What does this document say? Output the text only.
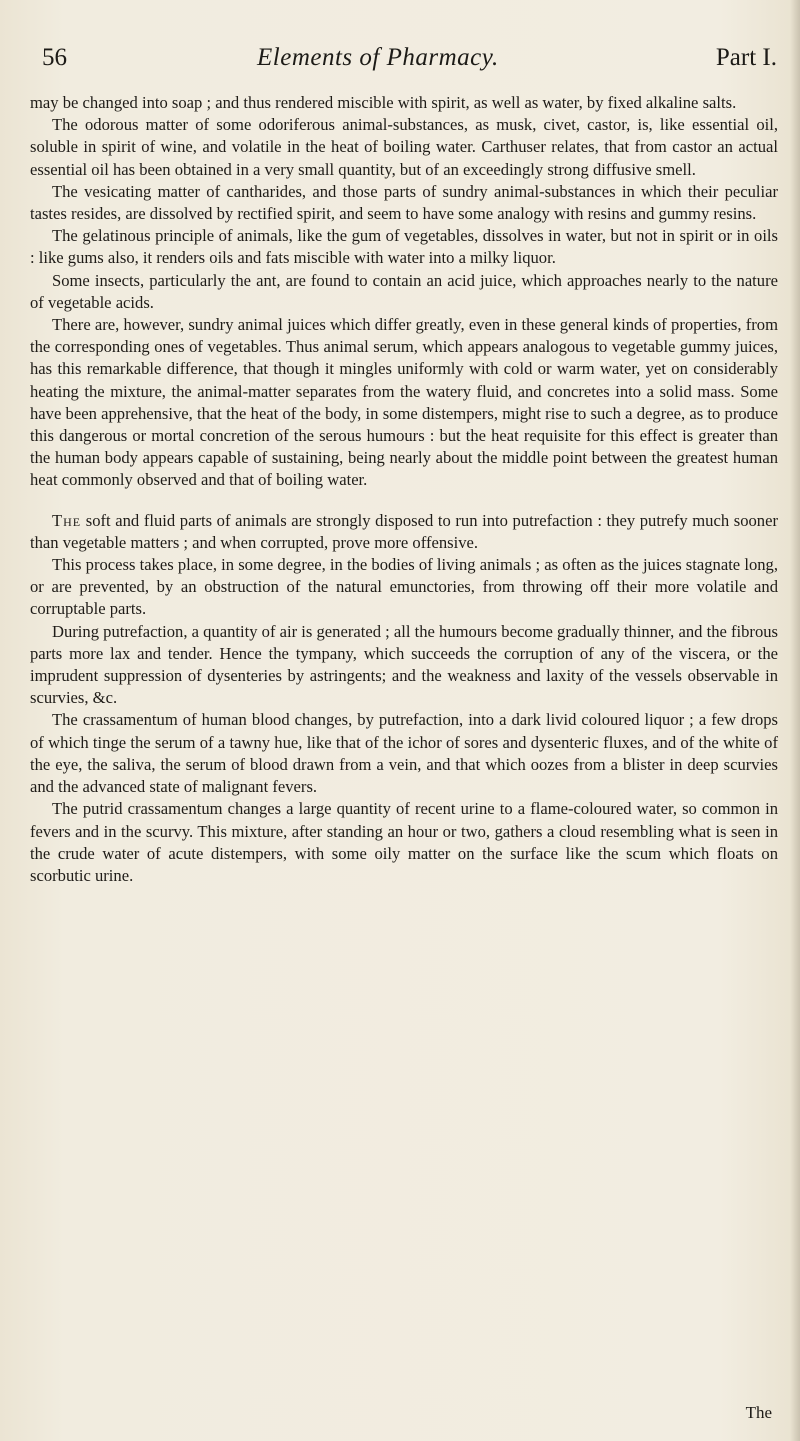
56	Elements of Pharmacy.	Part I.

may be changed into soap ; and thus rendered miscible with spirit, as well as water, by fixed alkaline salts.

The odorous matter of some odoriferous animal-substances, as musk, civet, castor, is, like essential oil, soluble in spirit of wine, and volatile in the heat of boiling water. Carthuser relates, that from castor an actual essential oil has been obtained in a very small quantity, but of an exceedingly strong diffusive smell.

The vesicating matter of cantharides, and those parts of sundry animal-substances in which their peculiar tastes resides, are dissolved by rectified spirit, and seem to have some analogy with resins and gummy resins.

The gelatinous principle of animals, like the gum of vegetables, dissolves in water, but not in spirit or in oils : like gums also, it renders oils and fats miscible with water into a milky liquor.

Some insects, particularly the ant, are found to contain an acid juice, which approaches nearly to the nature of vegetable acids.

There are, however, sundry animal juices which differ greatly, even in these general kinds of properties, from the corresponding ones of vegetables. Thus animal serum, which appears analogous to vegetable gummy juices, has this remarkable difference, that though it mingles uniformly with cold or warm water, yet on considerably heating the mixture, the animal-matter separates from the watery fluid, and concretes into a solid mass. Some have been apprehensive, that the heat of the body, in some distempers, might rise to such a degree, as to produce this dangerous or mortal concretion of the serous humours : but the heat requisite for this effect is greater than the human body appears capable of sustaining, being nearly about the middle point between the greatest human heat commonly observed and that of boiling water.

The soft and fluid parts of animals are strongly disposed to run into putrefaction : they putrefy much sooner than vegetable matters ; and when corrupted, prove more offensive.

This process takes place, in some degree, in the bodies of living animals ; as often as the juices stagnate long, or are prevented, by an obstruction of the natural emunctories, from throwing off their more volatile and corruptable parts.

During putrefaction, a quantity of air is generated ; all the humours become gradually thinner, and the fibrous parts more lax and tender. Hence the tympany, which succeeds the corruption of any of the viscera, or the imprudent suppression of dysenteries by astringents; and the weakness and laxity of the vessels observable in scurvies, &c.

The crassamentum of human blood changes, by putrefaction, into a dark livid coloured liquor ; a few drops of which tinge the serum of a tawny hue, like that of the ichor of sores and dysenteric fluxes, and of the white of the eye, the saliva, the serum of blood drawn from a vein, and that which oozes from a blister in deep scurvies and the advanced state of malignant fevers.

The putrid crassamentum changes a large quantity of recent urine to a flame-coloured water, so common in fevers and in the scurvy. This mixture, after standing an hour or two, gathers a cloud resembling what is seen in the crude water of acute distempers, with some oily matter on the surface like the scum which floats on scorbutic urine.

The
